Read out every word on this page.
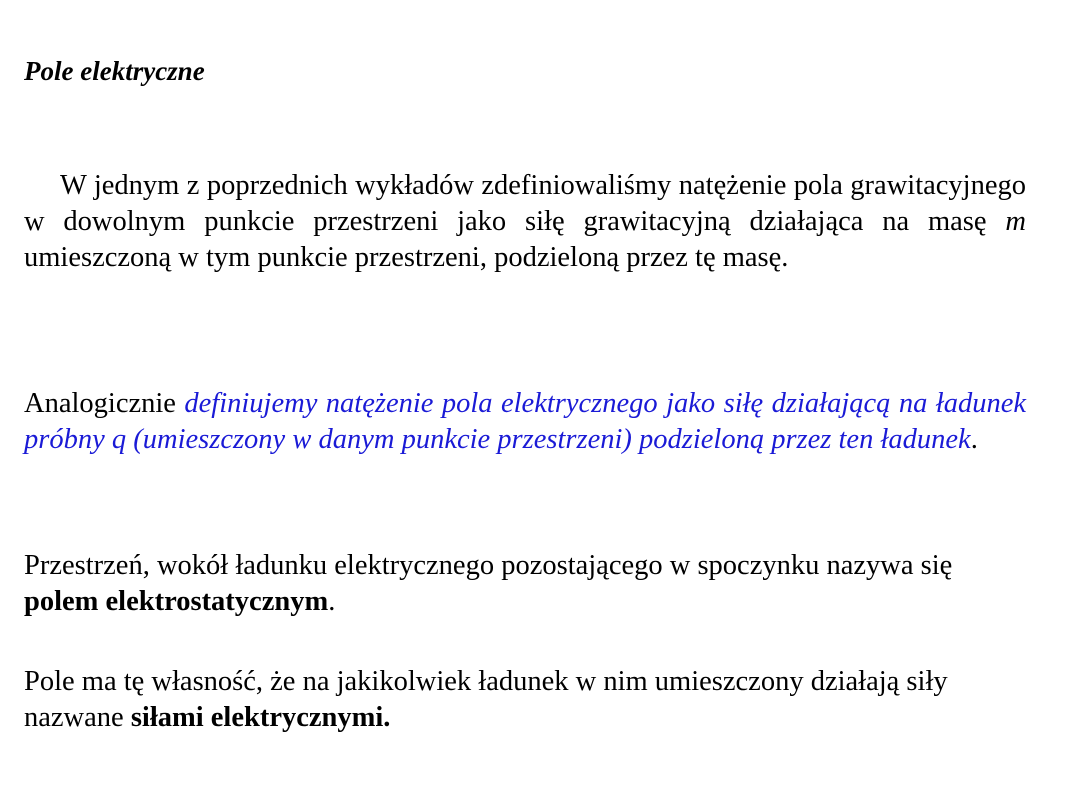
Pole elektryczne

W jednym z poprzednich wykładów zdefiniowaliśmy natężenie pola grawitacyjnego w dowolnym punkcie przestrzeni jako siłę grawitacyjną działająca na masę m umieszczoną w tym punkcie przestrzeni, podzieloną przez tę masę.

Analogicznie definiujemy natężenie pola elektrycznego jako siłę działającą na ładunek próbny q (umieszczony w danym punkcie przestrzeni) podzieloną przez ten ładunek.

Przestrzeń, wokół ładunku elektrycznego pozostającego w spoczynku nazywa się polem elektrostatycznym.

Pole ma tę własność, że na jakikolwiek ładunek w nim umieszczony działają siły nazwane siłami elektrycznymi.
